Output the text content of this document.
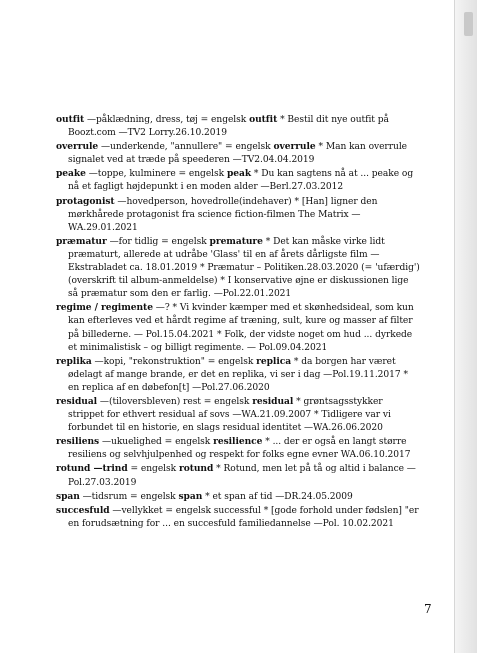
outfit —påklædning, dress, tøj = engelsk outfit * Bestil dit nye outfit på Boozt.com —TV2 Lorry.26.10.2019

overrule —underkende, "annullere" = engelsk overrule * Man kan overrule signalet ved at træde på speederen —TV2.04.04.2019

peake —toppe, kulminere = engelsk peak * Du kan sagtens nå at ... peake og nå et fagligt højdepunkt i en moden alder —Berl.27.03.2012

protagonist —hovedperson, hovedrolle(indehaver) * [Han] ligner den mørkhårede protagonist fra science fiction-filmen The Matrix —WA.29.01.2021

præmatur —for tidlig = engelsk premature * Det kan måske virke lidt præmaturt, allerede at udråbe 'Glass' til en af årets dårligste film —Ekstrabladet ca. 18.01.2019 * Præmatur – Politiken.28.03.2020 (= 'ufærdig') (overskrift til album-anmeldelse) * I konservative øjne er diskussionen lige så præmatur som den er farlig. —Pol.22.01.2021

regime / regimente —? * Vi kvinder kæmper med et skønhedsideal, som kun kan efterleves ved et hårdt regime af træning, sult, kure og masser af filter på billederne. — Pol.15.04.2021 * Folk, der vidste noget om hud ... dyrkede et minimalistisk – og billigt regimente. — Pol.09.04.2021

replika —kopi, "rekonstruktion" = engelsk replica * da borgen har været ødelagt af mange brande, er det en replika, vi ser i dag —Pol.19.11.2017 * en replica af en døbefon[t] —Pol.27.06.2020

residual —(tiloversbleven) rest = engelsk residual * grøntsagsstykker strippet for ethvert residual af sovs —WA.21.09.2007 * Tidligere var vi forbundet til en historie, en slags residual identitet —WA.26.06.2020

resiliens —ukuelighed = engelsk resilience * ... der er også en langt større resiliens og selvhjulpenhed og respekt for folks egne evner WA.06.10.2017

rotund —trind = engelsk rotund * Rotund, men let på tå og altid i balance —Pol.27.03.2019

span —tidsrum = engelsk span * et span af tid —DR.24.05.2009

succesfuld —vellykket = engelsk successful * [gode forhold under fødslen] "er en forudsætning for ... en succesfuld familiedannelse —Pol. 10.02.2021

7
